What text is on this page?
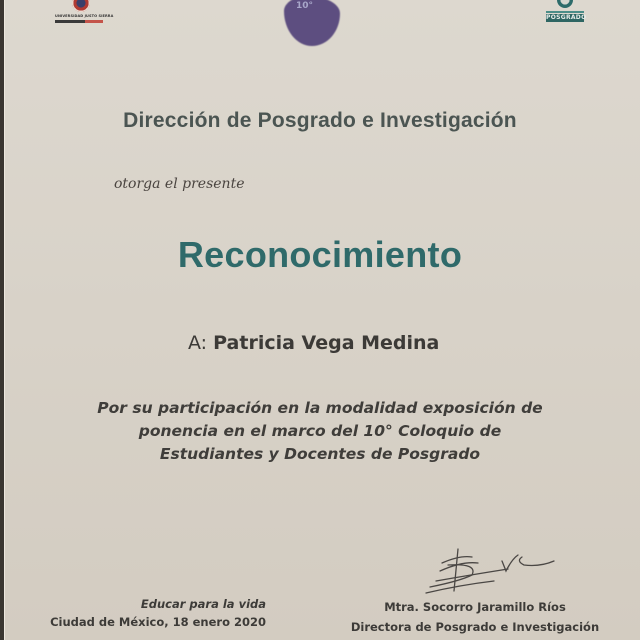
UNIVERSIDAD JUSTO SIERRA
10°
POSGRADO
Dirección de Posgrado e Investigación
otorga el presente
Reconocimiento
A: Patricia Vega Medina
Por su participación en la modalidad exposición de
ponencia en el marco del 10° Coloquio de
Estudiantes y Docentes de Posgrado
Educar para la vida
Ciudad de México, 18 enero 2020
Mtra. Socorro Jaramillo Ríos
Directora de Posgrado e Investigación
